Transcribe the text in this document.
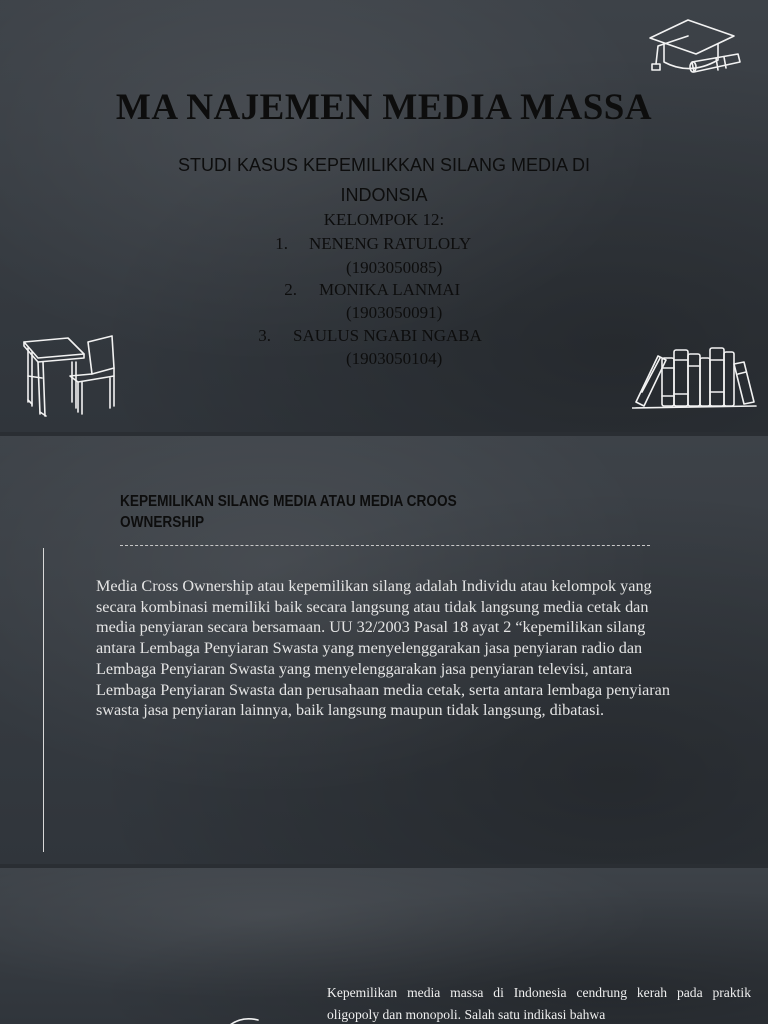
MA NAJEMEN MEDIA MASSA
STUDI KASUS KEPEMILIKKAN SILANG MEDIA DI INDONSIA
KELOMPOK 12:
1. NENENG RATULOLY
(1903050085)
2. MONIKA LANMAI
(1903050091)
3. SAULUS NGABI NGABA
(1903050104)
KEPEMILIKAN SILANG MEDIA ATAU MEDIA CROOS OWNERSHIP

Media Cross Ownership atau kepemilikan silang adalah Individu atau kelompok yang secara kombinasi memiliki baik secara langsung atau tidak langsung media cetak dan media penyiaran secara bersamaan. UU 32/2003 Pasal 18 ayat 2 “kepemilikan silang antara Lembaga Penyiaran Swasta yang menyelenggarakan jasa penyiaran radio dan Lembaga Penyiaran Swasta yang menyelenggarakan jasa penyiaran televisi, antara Lembaga Penyiaran Swasta dan perusahaan media cetak, serta antara lembaga penyiaran swasta jasa penyiaran lainnya, baik langsung maupun tidak langsung, dibatasi.

Kepemilikan media massa di Indonesia cendrung kerah pada praktik oligopoly dan monopoli. Salah satu indikasi bahwa
